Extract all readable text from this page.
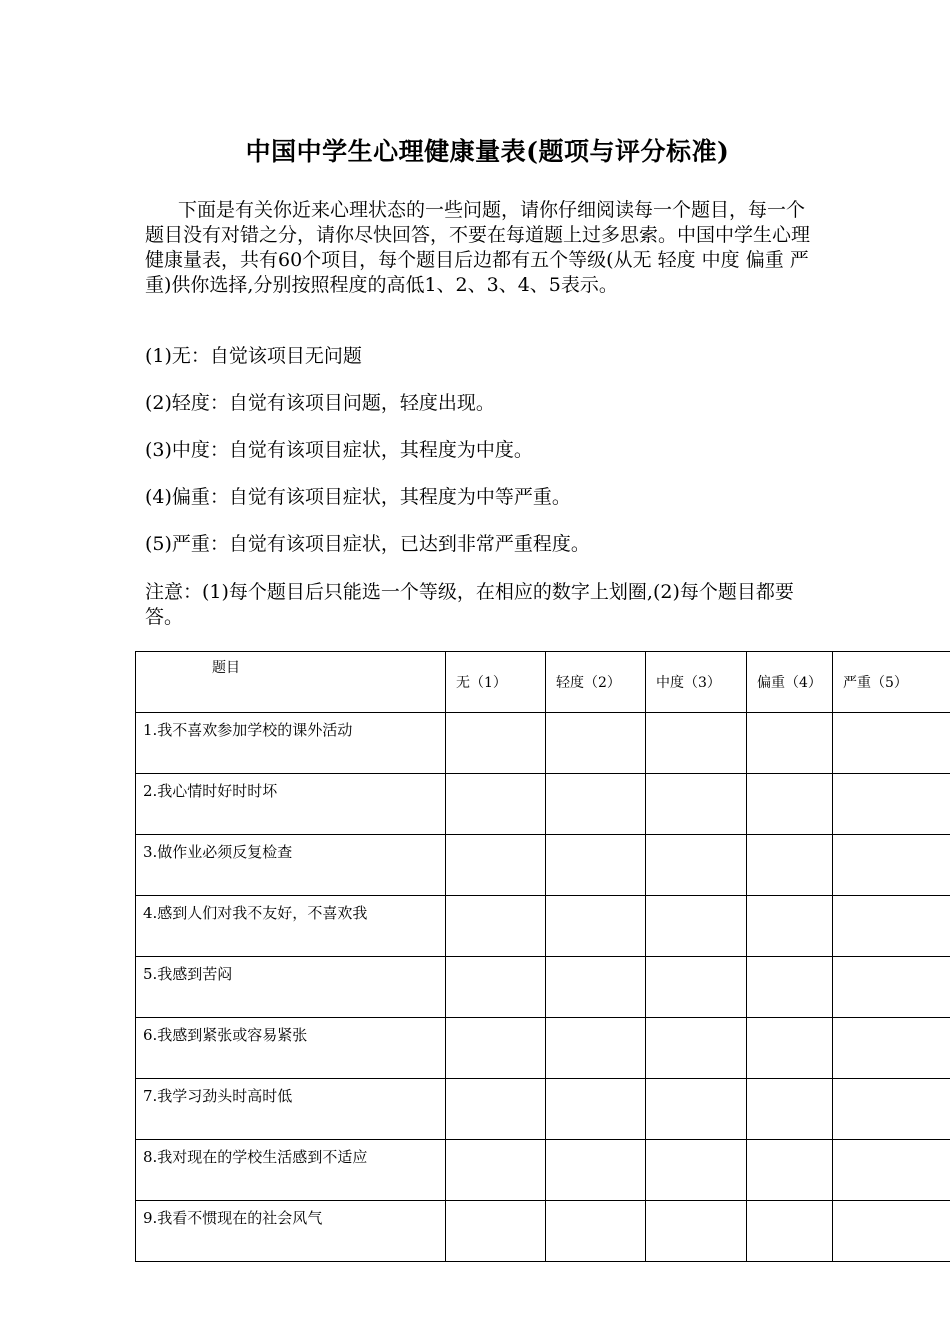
中国中学生心理健康量表(题项与评分标准)
下面是有关你近来心理状态的一些问题，请你仔细阅读每一个题目，每一个题目没有对错之分，请你尽快回答，不要在每道题上过多思索。中国中学生心理健康量表，共有60个项目，每个题目后边都有五个等级(从无 轻度 中度 偏重 严重)供你选择,分别按照程度的高低1、2、3、4、5表示。
(1)无：自觉该项目无问题
(2)轻度：自觉有该项目问题，轻度出现。
(3)中度：自觉有该项目症状，其程度为中度。
(4)偏重：自觉有该项目症状，其程度为中等严重。
(5)严重：自觉有该项目症状，已达到非常严重程度。
注意：(1)每个题目后只能选一个等级，在相应的数字上划圈,(2)每个题目都要答。
题目	无（1）	轻度（2）	中度（3）	偏重（4）	严重（5）
1.我不喜欢参加学校的课外活动					
2.我心情时好时时坏					
3.做作业必须反复检查					
4.感到人们对我不友好，不喜欢我					
5.我感到苦闷					
6.我感到紧张或容易紧张					
7.我学习劲头时高时低					
8.我对现在的学校生活感到不适应					
9.我看不惯现在的社会风气					
